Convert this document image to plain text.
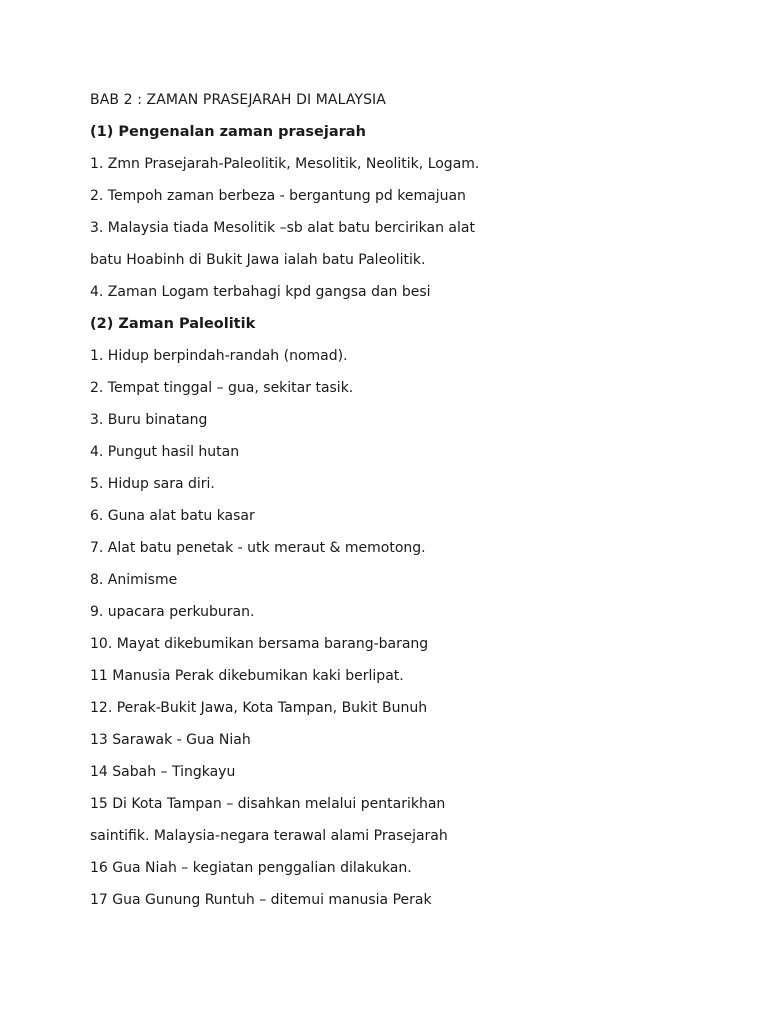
BAB 2 : ZAMAN PRASEJARAH DI MALAYSIA
(1) Pengenalan zaman prasejarah
1. Zmn Prasejarah-Paleolitik, Mesolitik, Neolitik, Logam.
2. Tempoh zaman berbeza - bergantung pd kemajuan
3. Malaysia tiada Mesolitik –sb alat batu bercirikan alat
batu Hoabinh di Bukit Jawa ialah batu Paleolitik.
4. Zaman Logam terbahagi kpd gangsa dan besi
(2) Zaman Paleolitik
1. Hidup berpindah-randah (nomad).
2. Tempat tinggal – gua, sekitar tasik.
3. Buru binatang
4. Pungut hasil hutan
5. Hidup sara diri.
6. Guna alat batu kasar
7. Alat batu penetak - utk meraut & memotong.
8. Animisme
9. upacara perkuburan.
10. Mayat dikebumikan bersama barang-barang
11 Manusia Perak dikebumikan kaki berlipat.
12. Perak-Bukit Jawa, Kota Tampan, Bukit Bunuh
13 Sarawak - Gua Niah
14 Sabah – Tingkayu
15 Di Kota Tampan – disahkan melalui pentarikhan
saintifik. Malaysia-negara terawal alami Prasejarah
16 Gua Niah – kegiatan penggalian dilakukan.
17 Gua Gunung Runtuh – ditemui manusia Perak
